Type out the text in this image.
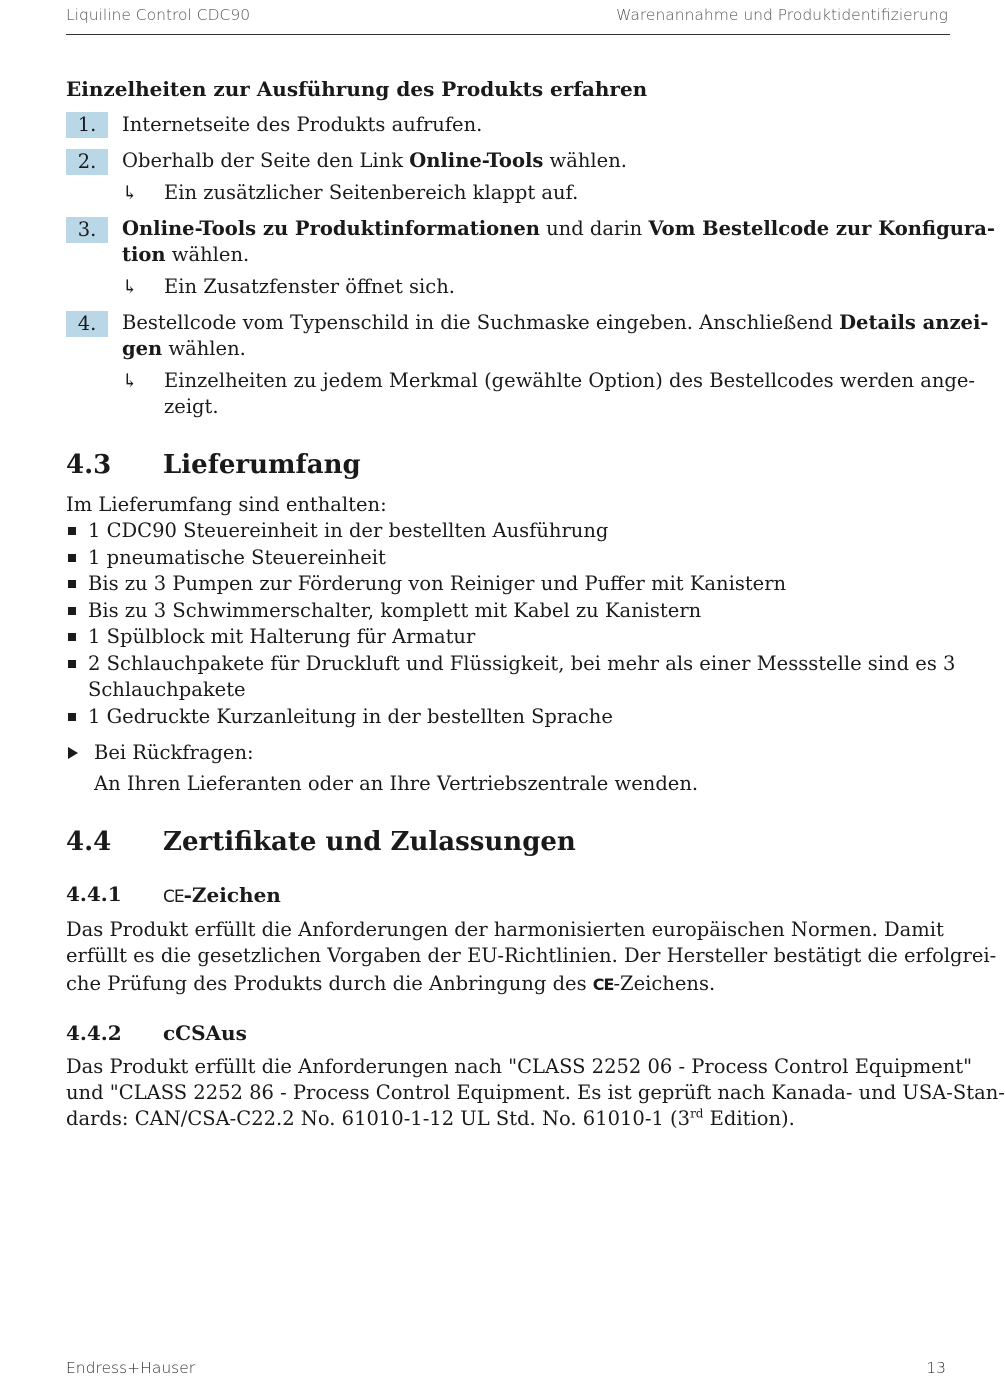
Liquiline Control CDC90	Warenannahme und Produktidentifizierung
Einzelheiten zur Ausführung des Produkts erfahren
1.	Internetseite des Produkts aufrufen.
2.	Oberhalb der Seite den Link Online-Tools wählen.
↳ Ein zusätzlicher Seitenbereich klappt auf.
3.	Online-Tools zu Produktinformationen und darin Vom Bestellcode zur Konfigura-
tion wählen.
↳ Ein Zusatzfenster öffnet sich.
4.	Bestellcode vom Typenschild in die Suchmaske eingeben. Anschließend Details anzei-
gen wählen.
↳ Einzelheiten zu jedem Merkmal (gewählte Option) des Bestellcodes werden ange-
zeigt.
4.3 Lieferumfang
Im Lieferumfang sind enthalten:
1 CDC90 Steuereinheit in der bestellten Ausführung
1 pneumatische Steuereinheit
Bis zu 3 Pumpen zur Förderung von Reiniger und Puffer mit Kanistern
Bis zu 3 Schwimmerschalter, komplett mit Kabel zu Kanistern
1 Spülblock mit Halterung für Armatur
2 Schlauchpakete für Druckluft und Flüssigkeit, bei mehr als einer Messstelle sind es 3
Schlauchpakete
1 Gedruckte Kurzanleitung in der bestellten Sprache
Bei Rückfragen:
An Ihren Lieferanten oder an Ihre Vertriebszentrale wenden.
4.4 Zertifikate und Zulassungen
4.4.1 CE-Zeichen
Das Produkt erfüllt die Anforderungen der harmonisierten europäischen Normen. Damit
erfüllt es die gesetzlichen Vorgaben der EU-Richtlinien. Der Hersteller bestätigt die erfolgrei-
che Prüfung des Produkts durch die Anbringung des CE-Zeichens.
4.4.2 cCSAus
Das Produkt erfüllt die Anforderungen nach "CLASS 2252 06 - Process Control Equipment"
und "CLASS 2252 86 - Process Control Equipment. Es ist geprüft nach Kanada- und USA-Stan-
dards: CAN/CSA-C22.2 No. 61010-1-12 UL Std. No. 61010-1 (3rd Edition).
Endress+Hauser	13
